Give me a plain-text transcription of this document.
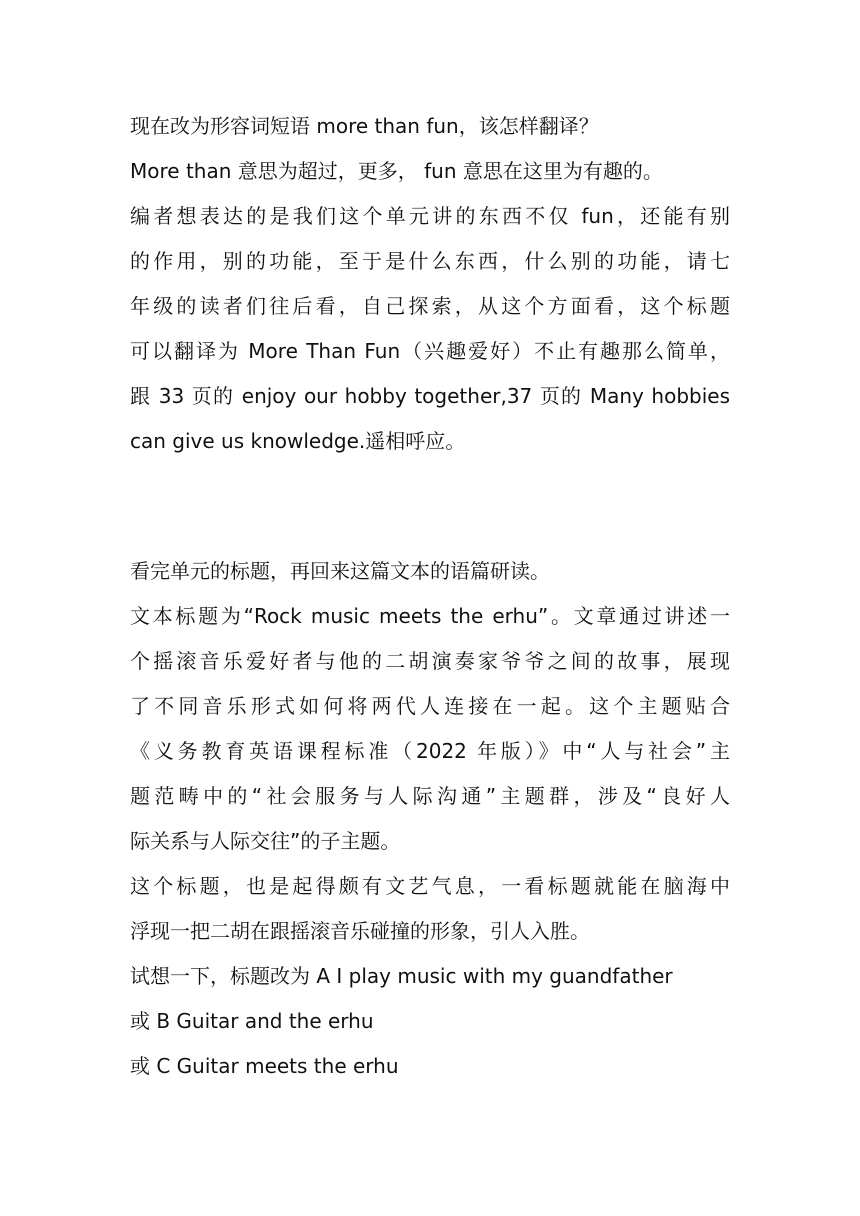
现在改为形容词短语 more than fun，该怎样翻译？
More than 意思为超过，更多， fun 意思在这里为有趣的。
编者想表达的是我们这个单元讲的东西不仅 fun，还能有别
的作用，别的功能，至于是什么东西，什么别的功能，请七
年级的读者们往后看，自己探索，从这个方面看，这个标题
可以翻译为 More Than Fun（兴趣爱好）不止有趣那么简单，
跟 33 页的 enjoy our hobby together,37 页的 Many hobbies
can give us knowledge.遥相呼应。
看完单元的标题，再回来这篇文本的语篇研读。
文本标题为“Rock music meets the erhu”。文章通过讲述一
个摇滚音乐爱好者与他的二胡演奏家爷爷之间的故事，展现
了不同音乐形式如何将两代人连接在一起。这个主题贴合
《义务教育英语课程标准（2022 年版）》中“人与社会”主
题范畴中的“社会服务与人际沟通”主题群，涉及“良好人
际关系与人际交往”的子主题。
这个标题，也是起得颇有文艺气息，一看标题就能在脑海中
浮现一把二胡在跟摇滚音乐碰撞的形象，引人入胜。
试想一下，标题改为 A I play music with my guandfather
或 B Guitar and the erhu
或 C Guitar meets the erhu
